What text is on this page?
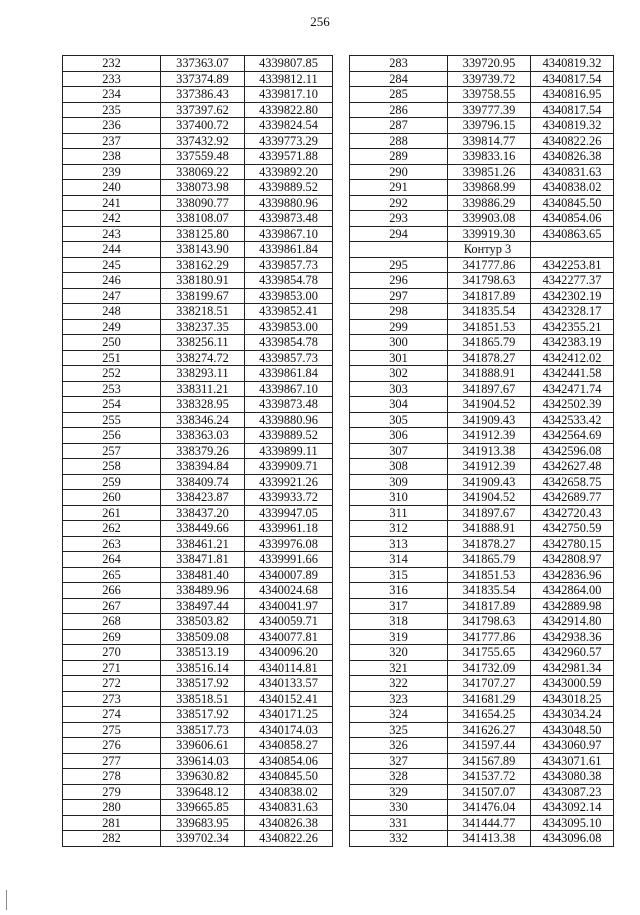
256
232	337363.07	4339807.85
233	337374.89	4339812.11
234	337386.43	4339817.10
235	337397.62	4339822.80
236	337400.72	4339824.54
237	337432.92	4339773.29
238	337559.48	4339571.88
239	338069.22	4339892.20
240	338073.98	4339889.52
241	338090.77	4339880.96
242	338108.07	4339873.48
243	338125.80	4339867.10
244	338143.90	4339861.84
245	338162.29	4339857.73
246	338180.91	4339854.78
247	338199.67	4339853.00
248	338218.51	4339852.41
249	338237.35	4339853.00
250	338256.11	4339854.78
251	338274.72	4339857.73
252	338293.11	4339861.84
253	338311.21	4339867.10
254	338328.95	4339873.48
255	338346.24	4339880.96
256	338363.03	4339889.52
257	338379.26	4339899.11
258	338394.84	4339909.71
259	338409.74	4339921.26
260	338423.87	4339933.72
261	338437.20	4339947.05
262	338449.66	4339961.18
263	338461.21	4339976.08
264	338471.81	4339991.66
265	338481.40	4340007.89
266	338489.96	4340024.68
267	338497.44	4340041.97
268	338503.82	4340059.71
269	338509.08	4340077.81
270	338513.19	4340096.20
271	338516.14	4340114.81
272	338517.92	4340133.57
273	338518.51	4340152.41
274	338517.92	4340171.25
275	338517.73	4340174.03
276	339606.61	4340858.27
277	339614.03	4340854.06
278	339630.82	4340845.50
279	339648.12	4340838.02
280	339665.85	4340831.63
281	339683.95	4340826.38
282	339702.34	4340822.26
283	339720.95	4340819.32
284	339739.72	4340817.54
285	339758.55	4340816.95
286	339777.39	4340817.54
287	339796.15	4340819.32
288	339814.77	4340822.26
289	339833.16	4340826.38
290	339851.26	4340831.63
291	339868.99	4340838.02
292	339886.29	4340845.50
293	339903.08	4340854.06
294	339919.30	4340863.65
	Контур 3	
295	341777.86	4342253.81
296	341798.63	4342277.37
297	341817.89	4342302.19
298	341835.54	4342328.17
299	341851.53	4342355.21
300	341865.79	4342383.19
301	341878.27	4342412.02
302	341888.91	4342441.58
303	341897.67	4342471.74
304	341904.52	4342502.39
305	341909.43	4342533.42
306	341912.39	4342564.69
307	341913.38	4342596.08
308	341912.39	4342627.48
309	341909.43	4342658.75
310	341904.52	4342689.77
311	341897.67	4342720.43
312	341888.91	4342750.59
313	341878.27	4342780.15
314	341865.79	4342808.97
315	341851.53	4342836.96
316	341835.54	4342864.00
317	341817.89	4342889.98
318	341798.63	4342914.80
319	341777.86	4342938.36
320	341755.65	4342960.57
321	341732.09	4342981.34
322	341707.27	4343000.59
323	341681.29	4343018.25
324	341654.25	4343034.24
325	341626.27	4343048.50
326	341597.44	4343060.97
327	341567.89	4343071.61
328	341537.72	4343080.38
329	341507.07	4343087.23
330	341476.04	4343092.14
331	341444.77	4343095.10
332	341413.38	4343096.08
